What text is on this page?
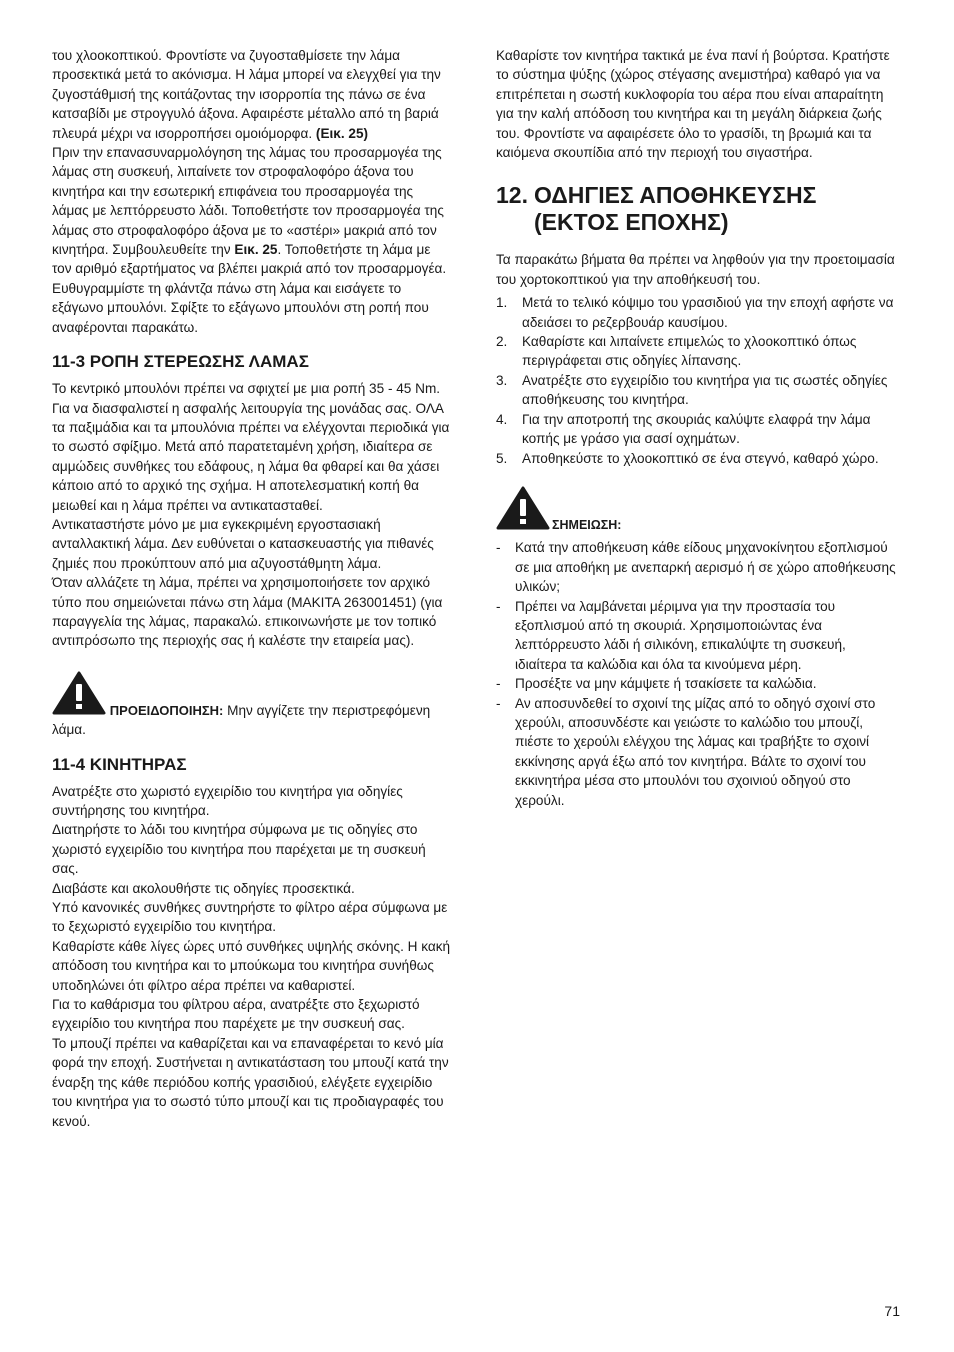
του χλοοκοπτικού. Φροντίστε να ζυγοσταθμίσετε την λάμα προσεκτικά μετά το ακόνισμα. Η λάμα μπορεί να ελεγχθεί για την ζυγοστάθμισή της κοιτάζοντας την ισορροπία της πάνω σε ένα κατσαβίδι με στρογγυλό άξονα. Αφαιρέστε μέταλλο από τη βαριά πλευρά μέχρι να ισορροπήσει ομοιόμορφα. (Εικ. 25)

Πριν την επανασυναρμολόγηση της λάμας του προσαρμογέα της λάμας στη συσκευή, λιπαίνετε τον στροφαλοφόρο άξονα του κινητήρα και την εσωτερική επιφάνεια του προσαρμογέα της λάμας με λεπτόρρευστο λάδι. Τοποθετήστε τον προσαρμογέα της λάμας στο στροφαλοφόρο άξονα με το «αστέρι» μακριά από τον κινητήρα. Συμβουλευθείτε την Εικ. 25. Τοποθετήστε τη λάμα με τον αριθμό εξαρτήματος να βλέπει μακριά από τον προσαρμογέα. Ευθυγραμμίστε τη φλάντζα πάνω στη λάμα και εισάγετε το εξάγωνο μπουλόνι. Σφίξτε το εξάγωνο μπουλόνι στη ροπή που αναφέρονται παρακάτω.

11-3 ΡΟΠΗ ΣΤΕΡΕΩΣΗΣ ΛΑΜΑΣ

Το κεντρικό μπουλόνι πρέπει να σφιχτεί με μια ροπή 35 - 45 Nm. Για να διασφαλιστεί η ασφαλής λειτουργία της μονάδας σας. ΟΛΑ τα παξιμάδια και τα μπουλόνια πρέπει να ελέγχονται περιοδικά για το σωστό σφίξιμο. Μετά από παρατεταμένη χρήση, ιδιαίτερα σε αμμώδεις συνθήκες του εδάφους, η λάμα θα φθαρεί και θα χάσει κάποιο από το αρχικό της σχήμα. Η αποτελεσματική κοπή θα μειωθεί και η λάμα πρέπει να αντικατασταθεί.

Αντικαταστήστε μόνο με μια εγκεκριμένη εργοστασιακή ανταλλακτική λάμα. Δεν ευθύνεται ο κατασκευαστής για πιθανές ζημιές που προκύπτουν από μια αζυγοστάθμητη λάμα.

Όταν αλλάζετε τη λάμα, πρέπει να χρησιμοποιήσετε τον αρχικό τύπο που σημειώνεται πάνω στη λάμα (MAKITA 263001451) (για παραγγελία της λάμας, παρακαλώ. επικοινωνήστε με τον τοπικό αντιπρόσωπο της περιοχής σας ή καλέστε την εταιρεία μας).

ΠΡΟΕΙΔΟΠΟΙΗΣΗ: Μην αγγίζετε την περιστρεφόμενη λάμα.
11-4 ΚΙΝΗΤΗΡΑΣ

Ανατρέξτε στο χωριστό εγχειρίδιο του κινητήρα για οδηγίες συντήρησης του κινητήρα.

Διατηρήστε το λάδι του κινητήρα σύμφωνα με τις οδηγίες στο χωριστό εγχειρίδιο του κινητήρα που παρέχεται με τη συσκευή σας.

Διαβάστε και ακολουθήστε τις οδηγίες προσεκτικά.

Υπό κανονικές συνθήκες συντηρήστε το φίλτρο αέρα σύμφωνα με το ξεχωριστό εγχειρίδιο του κινητήρα.

Καθαρίστε κάθε λίγες ώρες υπό συνθήκες υψηλής σκόνης. Η κακή απόδοση του κινητήρα και το μπούκωμα του κινητήρα συνήθως υποδηλώνει ότι φίλτρο αέρα πρέπει να καθαριστεί.

Για το καθάρισμα του φίλτρου αέρα, ανατρέξτε στο ξεχωριστό εγχειρίδιο του κινητήρα που παρέχετε με την συσκευή σας.

Το μπουζί πρέπει να καθαρίζεται και να επαναφέρεται το κενό μία φορά την εποχή. Συστήνεται η αντικατάσταση του μπουζί κατά την έναρξη της κάθε περιόδου κοπής γρασιδιού, ελέγξετε εγχειρίδιο του κινητήρα για το σωστό τύπο μπουζί και τις προδιαγραφές του κενού.

Καθαρίστε τον κινητήρα τακτικά με ένα πανί ή βούρτσα. Κρατήστε το σύστημα ψύξης (χώρος στέγασης ανεμιστήρα) καθαρό για να επιτρέπεται η σωστή κυκλοφορία του αέρα που είναι απαραίτητη για την καλή απόδοση του κινητήρα και τη μεγάλη διάρκεια ζωής του. Φροντίστε να αφαιρέσετε όλο το γρασίδι, τη βρωμιά και τα καιόμενα σκουπίδια από την περιοχή του σιγαστήρα.

12. ΟΔΗΓΙΕΣ ΑΠΟΘΗΚΕΥΣΗΣ
(ΕΚΤΟΣ ΕΠΟΧΗΣ)

Τα παρακάτω βήματα θα πρέπει να ληφθούν για την προετοιμασία του χορτοκοπτικού για την αποθήκευσή του.

1.	Μετά το τελικό κόψιμο του γρασιδιού για την εποχή αφήστε να αδειάσει το ρεζερβουάρ καυσίμου.
2.	Καθαρίστε και λιπαίνετε επιμελώς το χλοοκοπτικό όπως περιγράφεται στις οδηγίες λίπανσης.
3.	Ανατρέξτε στο εγχειρίδιο του κινητήρα για τις σωστές οδηγίες αποθήκευσης του κινητήρα.
4.	Για την αποτροπή της σκουριάς καλύψτε ελαφρά την λάμα κοπής με γράσο για σασί οχημάτων.
5.	Αποθηκεύστε το χλοοκοπτικό σε ένα στεγνό, καθαρό χώρο.
ΣΗΜΕΙΩΣΗ:
-	Κατά την αποθήκευση κάθε είδους μηχανοκίνητου εξοπλισμού σε μια αποθήκη με ανεπαρκή αερισμό ή σε χώρο αποθήκευσης υλικών;
-	Πρέπει να λαμβάνεται μέριμνα για την προστασία του εξοπλισμού από τη σκουριά. Χρησιμοποιώντας ένα λεπτόρρευστο λάδι ή σιλικόνη, επικαλύψτε τη συσκευή, ιδιαίτερα τα καλώδια και όλα τα κινούμενα μέρη.
-	Προσέξτε να μην κάμψετε ή τσακίσετε τα καλώδια.
-	Αν αποσυνδεθεί το σχοινί της μίζας από το οδηγό σχοινί στο χερούλι, αποσυνδέστε και γειώστε το καλώδιο του μπουζί, πιέστε το χερούλι ελέγχου της λάμας και τραβήξτε το σχοινί εκκίνησης αργά έξω από τον κινητήρα. Βάλτε το σχοινί του εκκινητήρα μέσα στο μπουλόνι του σχοινιού οδηγού στο χερούλι.
71
